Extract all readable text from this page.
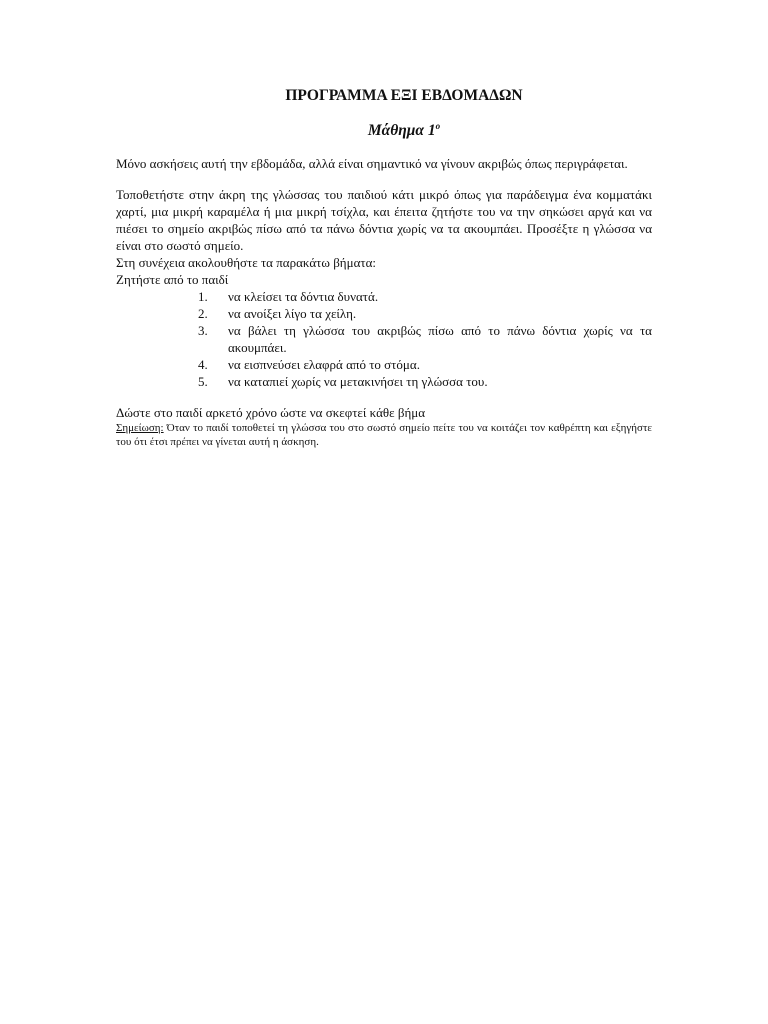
ΠΡΟΓΡΑΜΜΑ ΕΞΙ ΕΒΔΟΜΑΔΩΝ

Μάθημα $1^o$

Μόνο ασκήσεις αυτή την εβδομάδα, αλλά είναι σημαντικό να γίνουν ακριβώς όπως περιγράφεται.

Τοποθετήστε στην άκρη της γλώσσας του παιδιού κάτι μικρό όπως για παράδειγμα ένα κομματάκι χαρτί, μια μικρή καραμέλα ή μια μικρή τσίχλα, και έπειτα ζητήστε του να την σηκώσει αργά και να πιέσει το σημείο ακριβώς πίσω από τα πάνω δόντια χωρίς να τα ακουμπάει. Προσέξτε η γλώσσα να είναι στο σωστό σημείο.

Στη συνέχεια ακολουθήστε τα παρακάτω βήματα:

Ζητήστε από το παιδί

1. να κλείσει τα δόντια δυνατά.
2. να ανοίξει λίγο τα χείλη.
3. να βάλει τη γλώσσα του ακριβώς πίσω από το πάνω δόντια χωρίς να τα ακουμπάει.
4. να εισπνεύσει ελαφρά από το στόμα.
5. να καταπιεί χωρίς να μετακινήσει τη γλώσσα του.

Δώστε στο παιδί αρκετό χρόνο ώστε να σκεφτεί κάθε βήμα

Σημείωση: Όταν το παιδί τοποθετεί τη γλώσσα του στο σωστό σημείο πείτε του να κοιτάζει τον καθρέπτη και εξηγήστε του ότι έτσι πρέπει να γίνεται αυτή η άσκηση.
